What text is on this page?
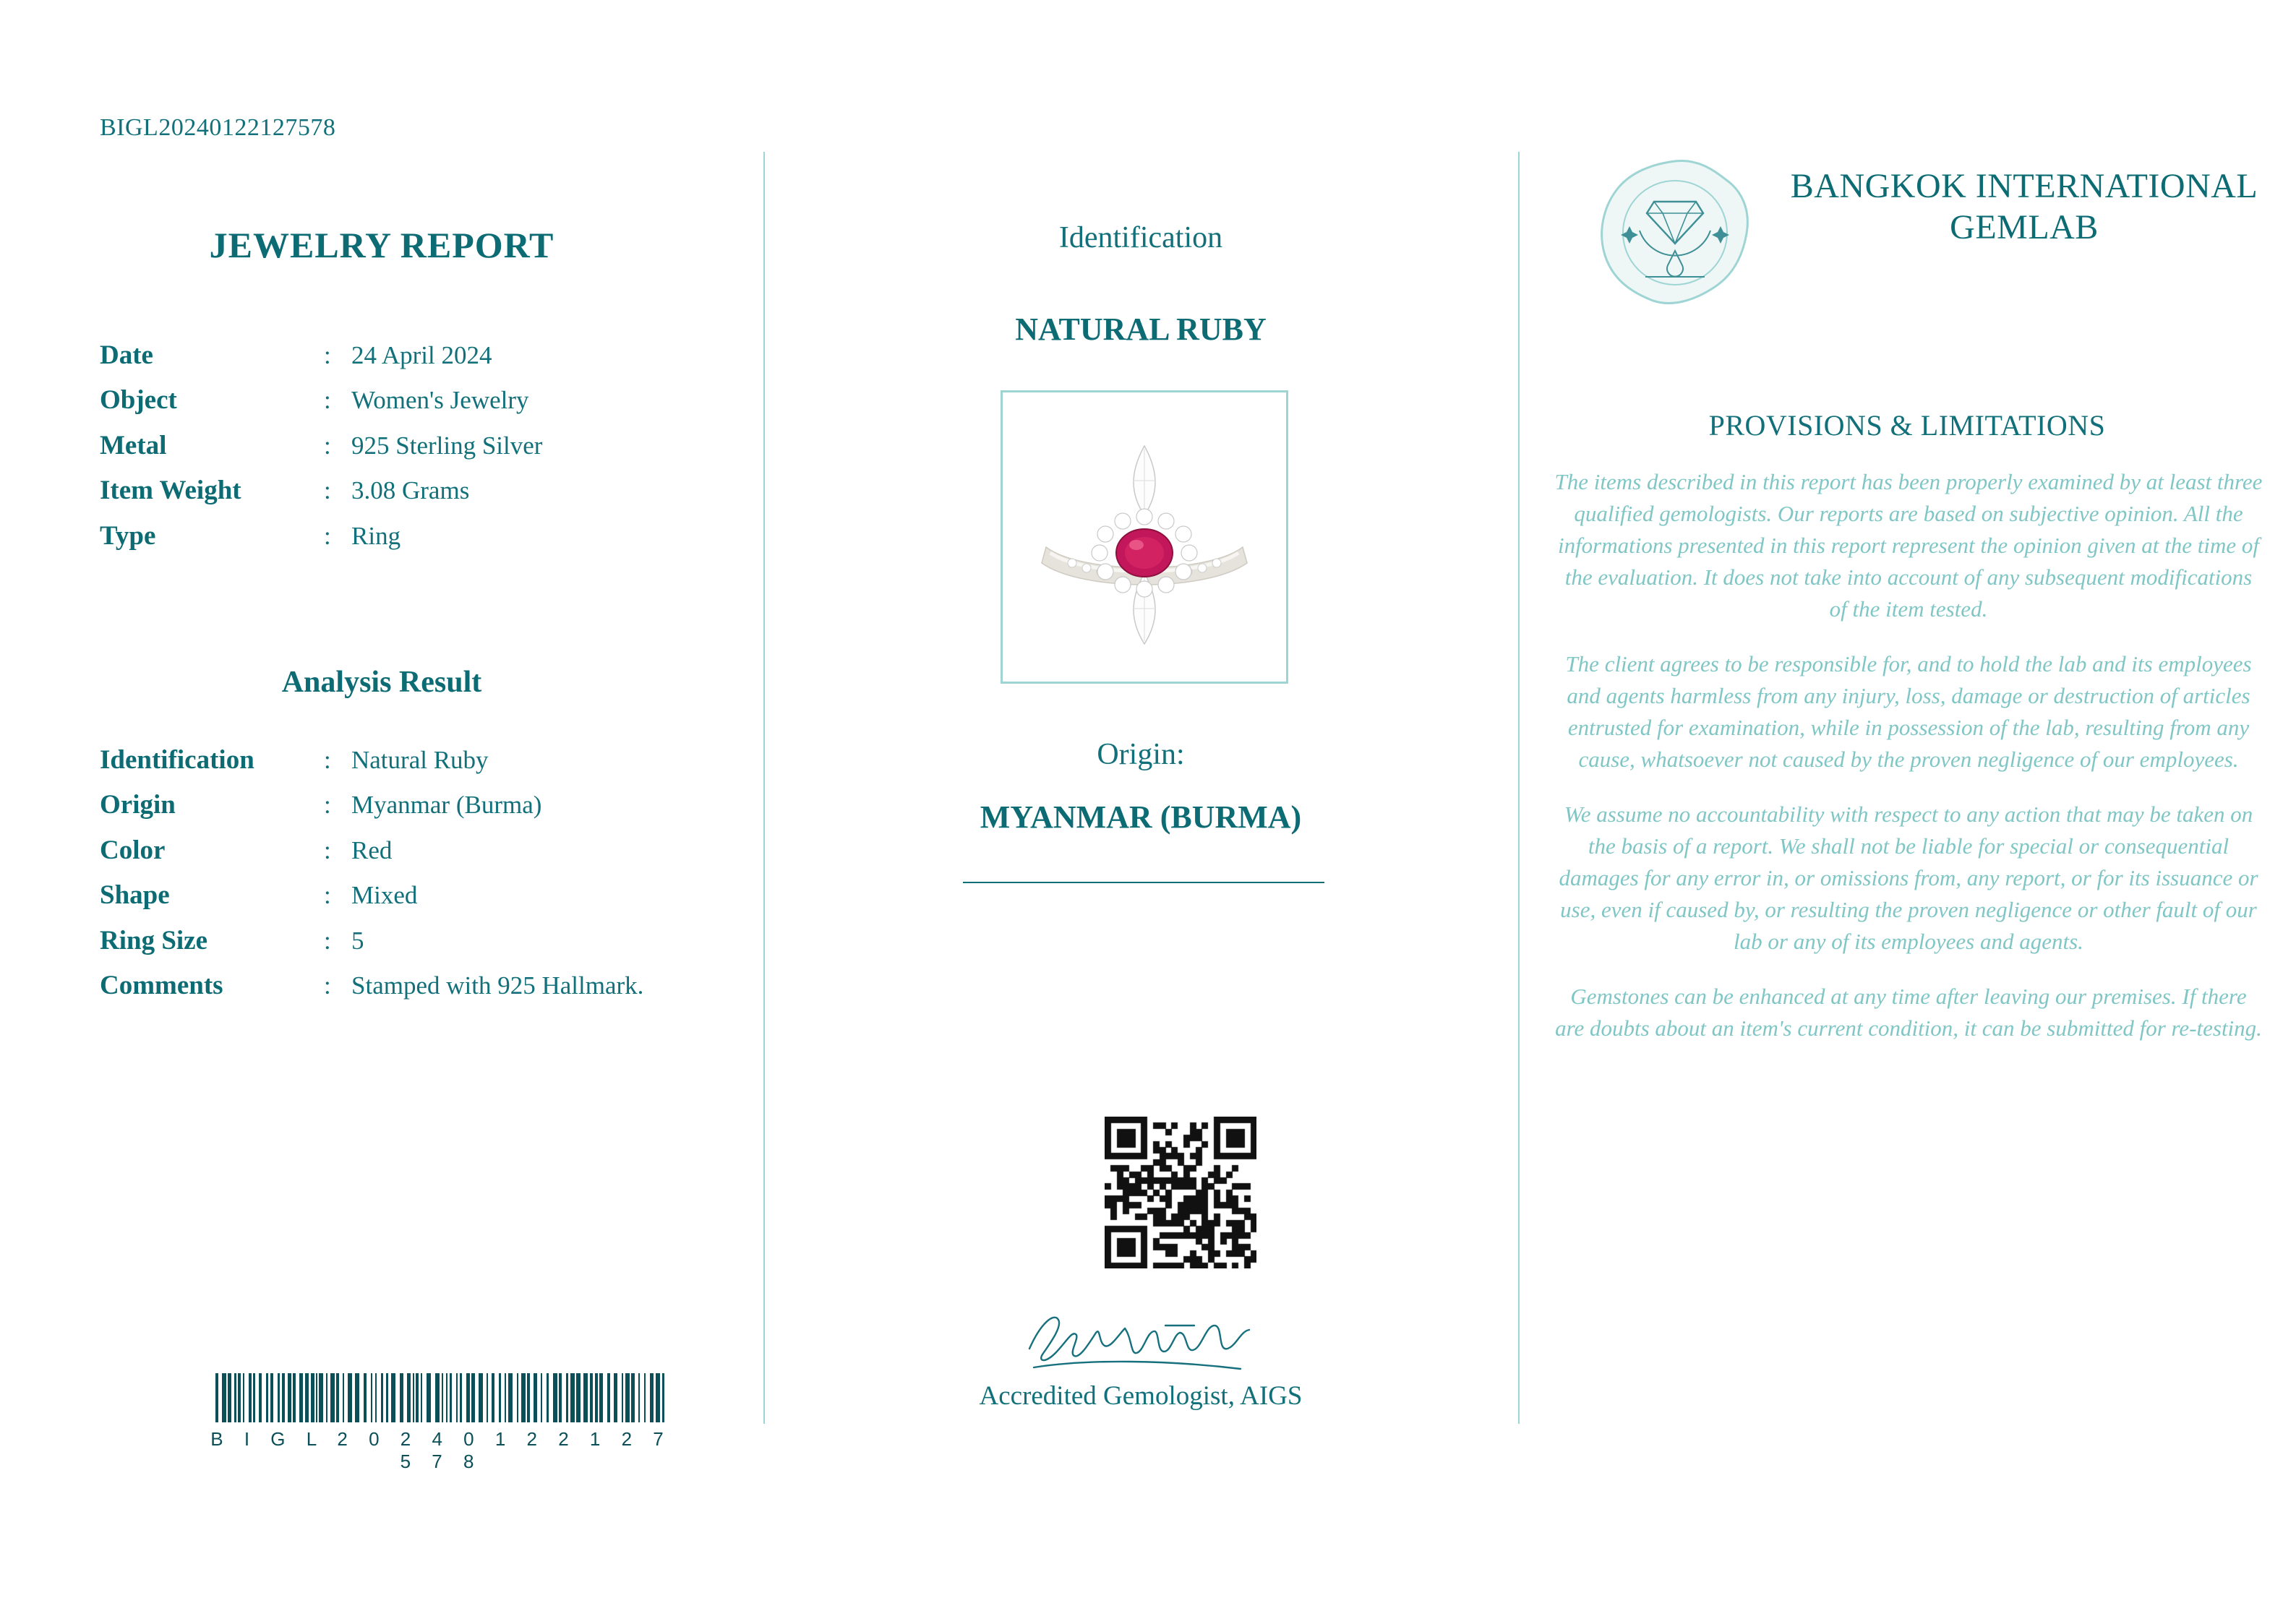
BIGL20240122127578
JEWELRY REPORT
Date	: 24 April 2024
Object	: Women's Jewelry
Metal	: 925 Sterling Silver
Item Weight	: 3.08 Grams
Type	: Ring
Analysis Result
Identification	: Natural Ruby
Origin	: Myanmar (Burma)
Color	: Red
Shape	: Mixed
Ring Size	: 5
Comments	: Stamped with 925 Hallmark.
B I G L 2 0 2 4 0 1 2 2 1 2 7 5 7 8
Identification
NATURAL RUBY
Origin:
MYANMAR (BURMA)
Accredited Gemologist, AIGS
BANGKOK INTERNATIONAL GEMLAB
PROVISIONS & LIMITATIONS

The items described in this report has been properly examined by at least three qualified gemologists. Our reports are based on subjective opinion. All the informations presented in this report represent the opinion given at the time of the evaluation. It does not take into account of any subsequent modifications of the item tested.

The client agrees to be responsible for, and to hold the lab and its employees and agents harmless from any injury, loss, damage or destruction of articles entrusted for examination, while in possession of the lab, resulting from any cause, whatsoever not caused by the proven negligence of our employees.

We assume no accountability with respect to any action that may be taken on the basis of a report. We shall not be liable for special or consequential damages for any error in, or omissions from, any report, or for its issuance or use, even if caused by, or resulting the proven negligence or other fault of our lab or any of its employees and agents.

Gemstones can be enhanced at any time after leaving our premises. If there are doubts about an item's current condition, it can be submitted for re-testing.
